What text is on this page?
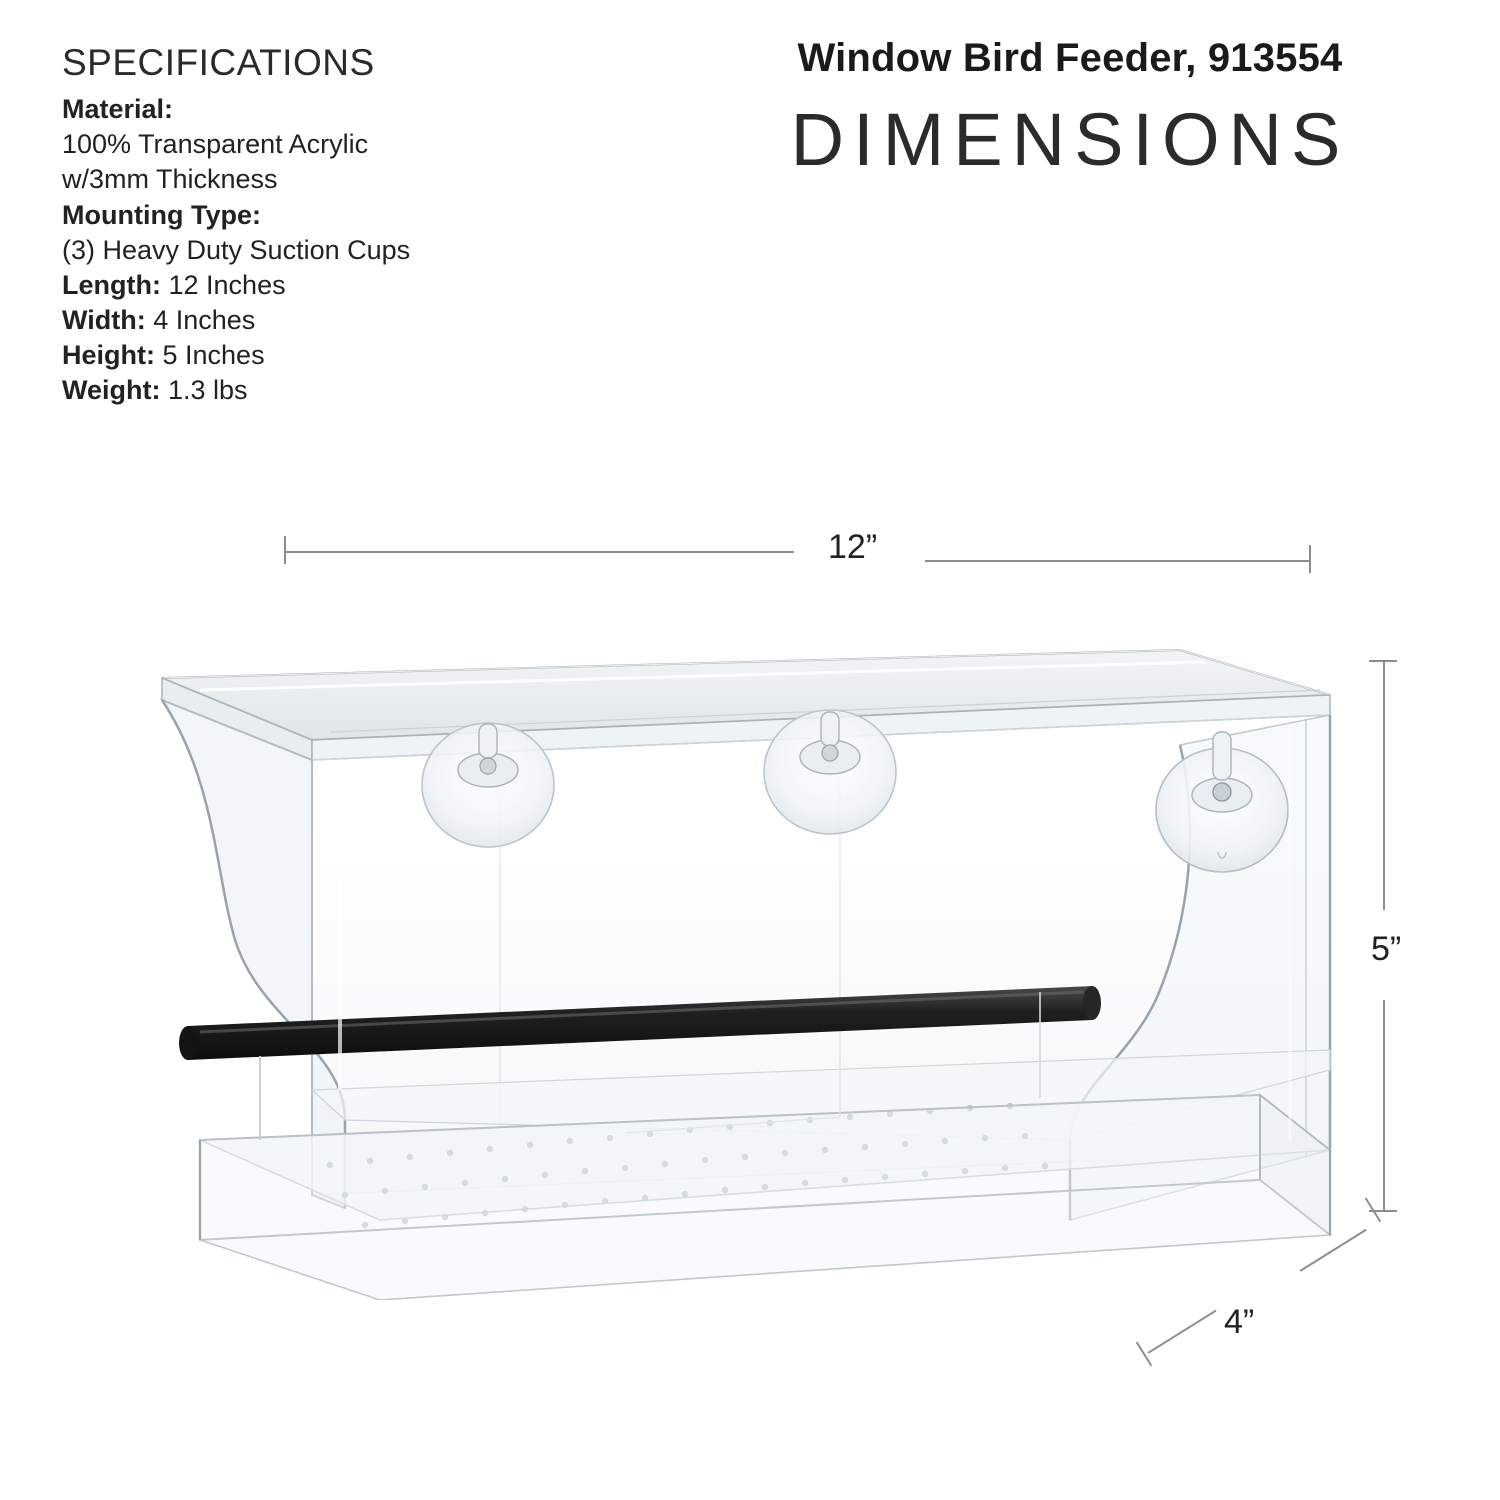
SPECIFICATIONS
Material:
100% Transparent Acrylic
w/3mm Thickness
Mounting Type:
(3) Heavy Duty Suction Cups
Length: 12 Inches
Width: 4 Inches
Height: 5 Inches
Weight: 1.3 lbs
Window Bird Feeder, 913554
DIMENSIONS
12”
5”
4”
